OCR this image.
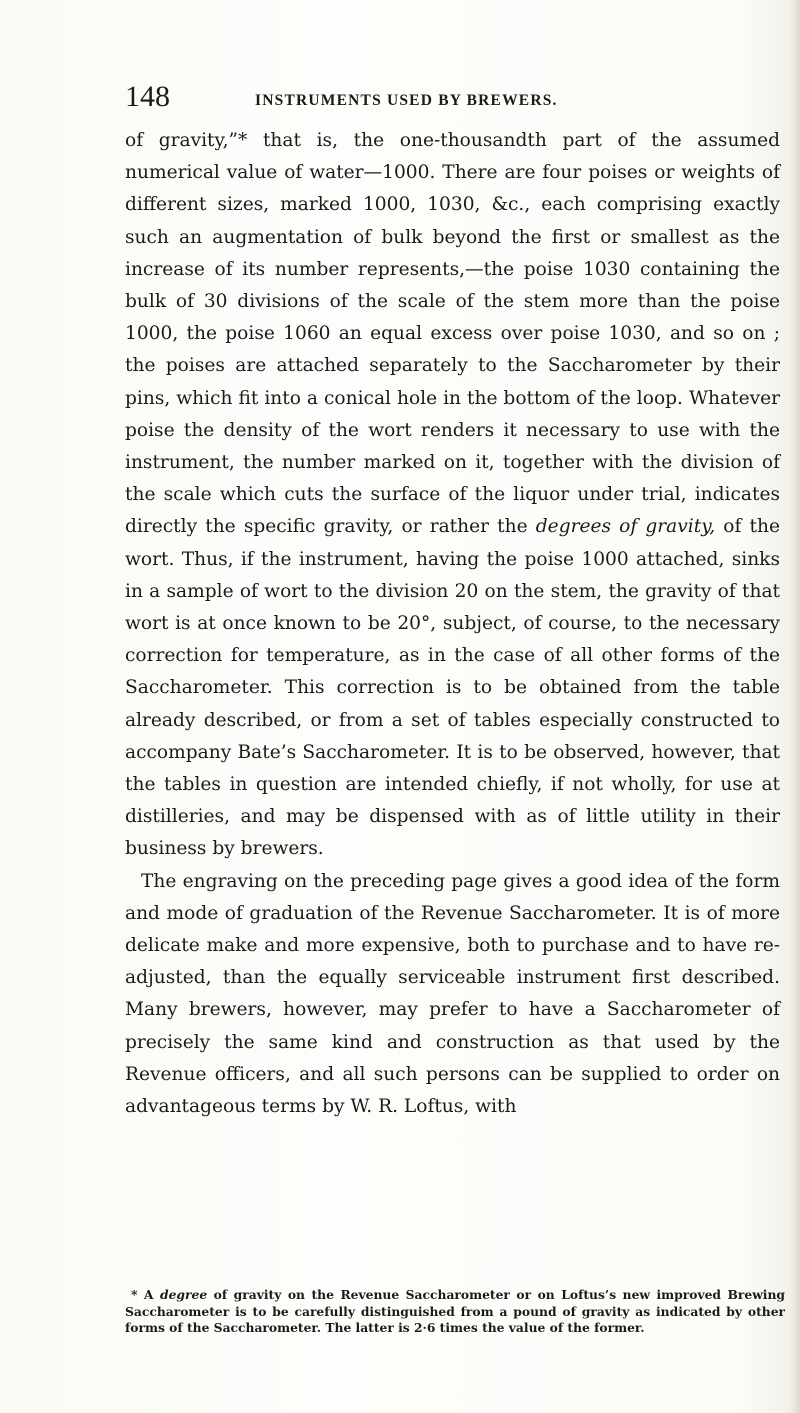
148	INSTRUMENTS USED BY BREWERS.

of gravity,”* that is, the one-thousandth part of the assumed numerical value of water—1000. There are four poises or weights of different sizes, marked 1000, 1030, &c., each comprising exactly such an augmentation of bulk beyond the first or smallest as the increase of its number represents,—the poise 1030 containing the bulk of 30 divisions of the scale of the stem more than the poise 1000, the poise 1060 an equal excess over poise 1030, and so on ; the poises are attached separately to the Saccharometer by their pins, which fit into a conical hole in the bottom of the loop. Whatever poise the density of the wort renders it necessary to use with the instrument, the number marked on it, together with the division of the scale which cuts the surface of the liquor under trial, indicates directly the specific gravity, or rather the degrees of gravity, of the wort. Thus, if the instrument, having the poise 1000 attached, sinks in a sample of wort to the division 20 on the stem, the gravity of that wort is at once known to be 20°, subject, of course, to the necessary correction for temperature, as in the case of all other forms of the Saccharometer. This correction is to be obtained from the table already described, or from a set of tables especially constructed to accompany Bate’s Saccharometer. It is to be observed, however, that the tables in question are intended chiefly, if not wholly, for use at distilleries, and may be dispensed with as of little utility in their business by brewers.

The engraving on the preceding page gives a good idea of the form and mode of graduation of the Revenue Saccharometer. It is of more delicate make and more expensive, both to purchase and to have re-adjusted, than the equally serviceable instrument first described. Many brewers, however, may prefer to have a Saccharometer of precisely the same kind and construction as that used by the Revenue officers, and all such persons can be supplied to order on advantageous terms by W. R. Loftus, with

* A degree of gravity on the Revenue Saccharometer or on Loftus’s new improved Brewing Saccharometer is to be carefully distinguished from a pound of gravity as indicated by other forms of the Saccharometer. The latter is 2·6 times the value of the former.
